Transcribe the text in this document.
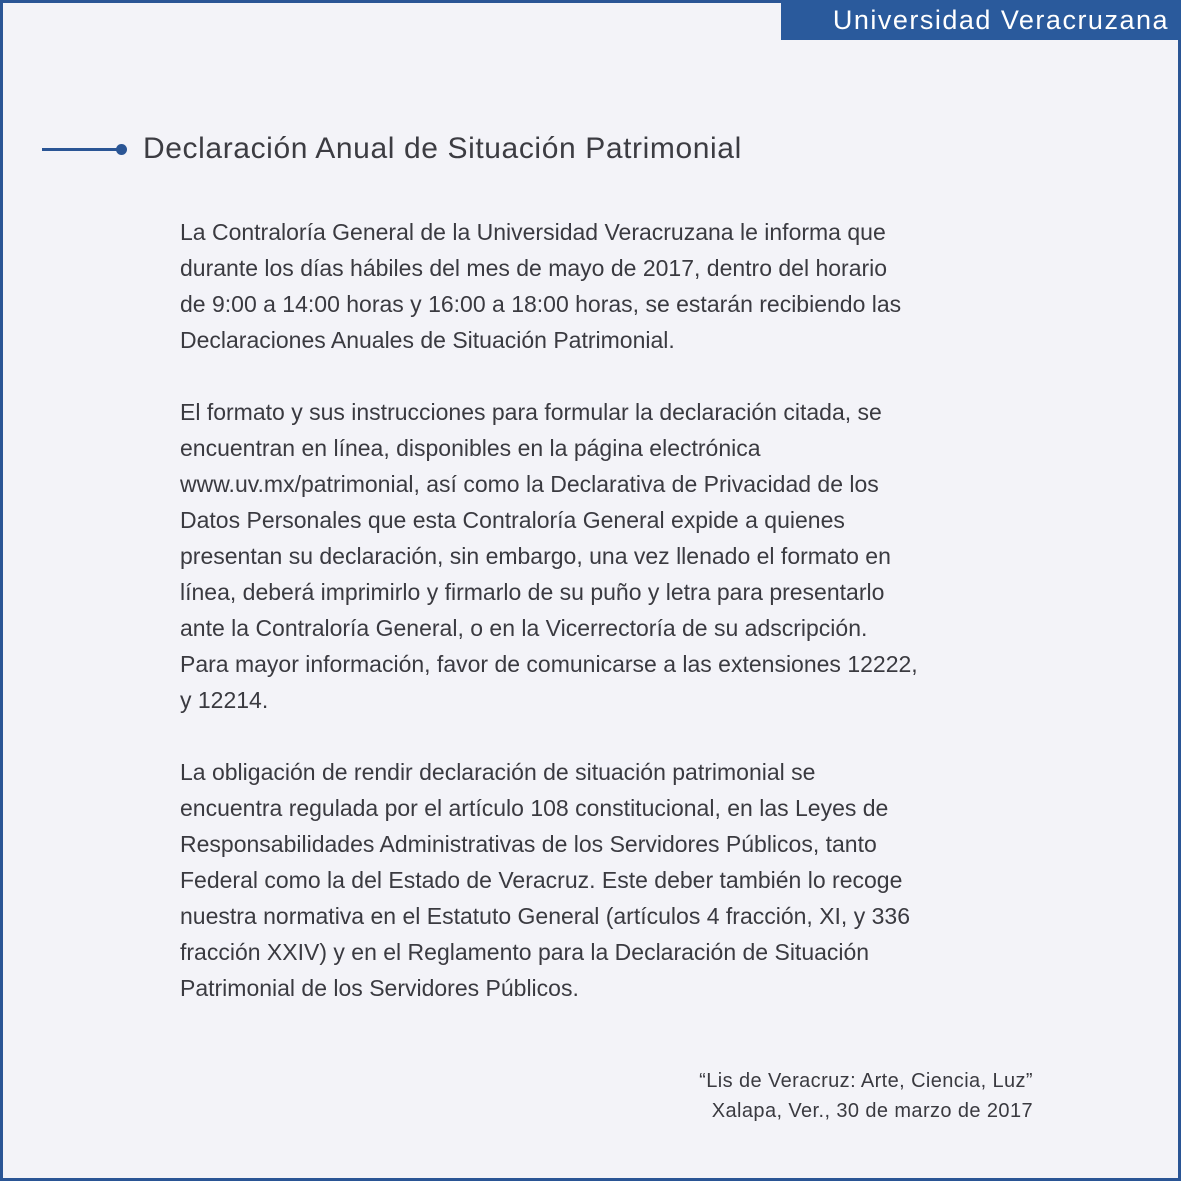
Universidad Veracruzana
Declaración Anual de Situación Patrimonial

La Contraloría General de la Universidad Veracruzana le informa que
durante los días hábiles del mes de mayo de 2017, dentro del horario
de 9:00 a 14:00 horas y 16:00 a 18:00 horas, se estarán recibiendo las
Declaraciones Anuales de Situación Patrimonial.

El formato y sus instrucciones para formular la declaración citada, se
encuentran en línea, disponibles en la página electrónica
www.uv.mx/patrimonial, así como la Declarativa de Privacidad de los
Datos Personales que esta Contraloría General expide a quienes
presentan su declaración, sin embargo, una vez llenado el formato en
línea, deberá imprimirlo y firmarlo de su puño y letra para presentarlo
ante la Contraloría General, o en la Vicerrectoría de su adscripción.
Para mayor información, favor de comunicarse a las extensiones 12222,
y 12214.

La obligación de rendir declaración de situación patrimonial se
encuentra regulada por el artículo 108 constitucional, en las Leyes de
Responsabilidades Administrativas de los Servidores Públicos, tanto
Federal como la del Estado de Veracruz. Este deber también lo recoge
nuestra normativa en el Estatuto General (artículos 4 fracción, XI, y 336
fracción XXIV) y en el Reglamento para la Declaración de Situación
Patrimonial de los Servidores Públicos.

“Lis de Veracruz: Arte, Ciencia, Luz”
Xalapa, Ver., 30 de marzo de 2017
